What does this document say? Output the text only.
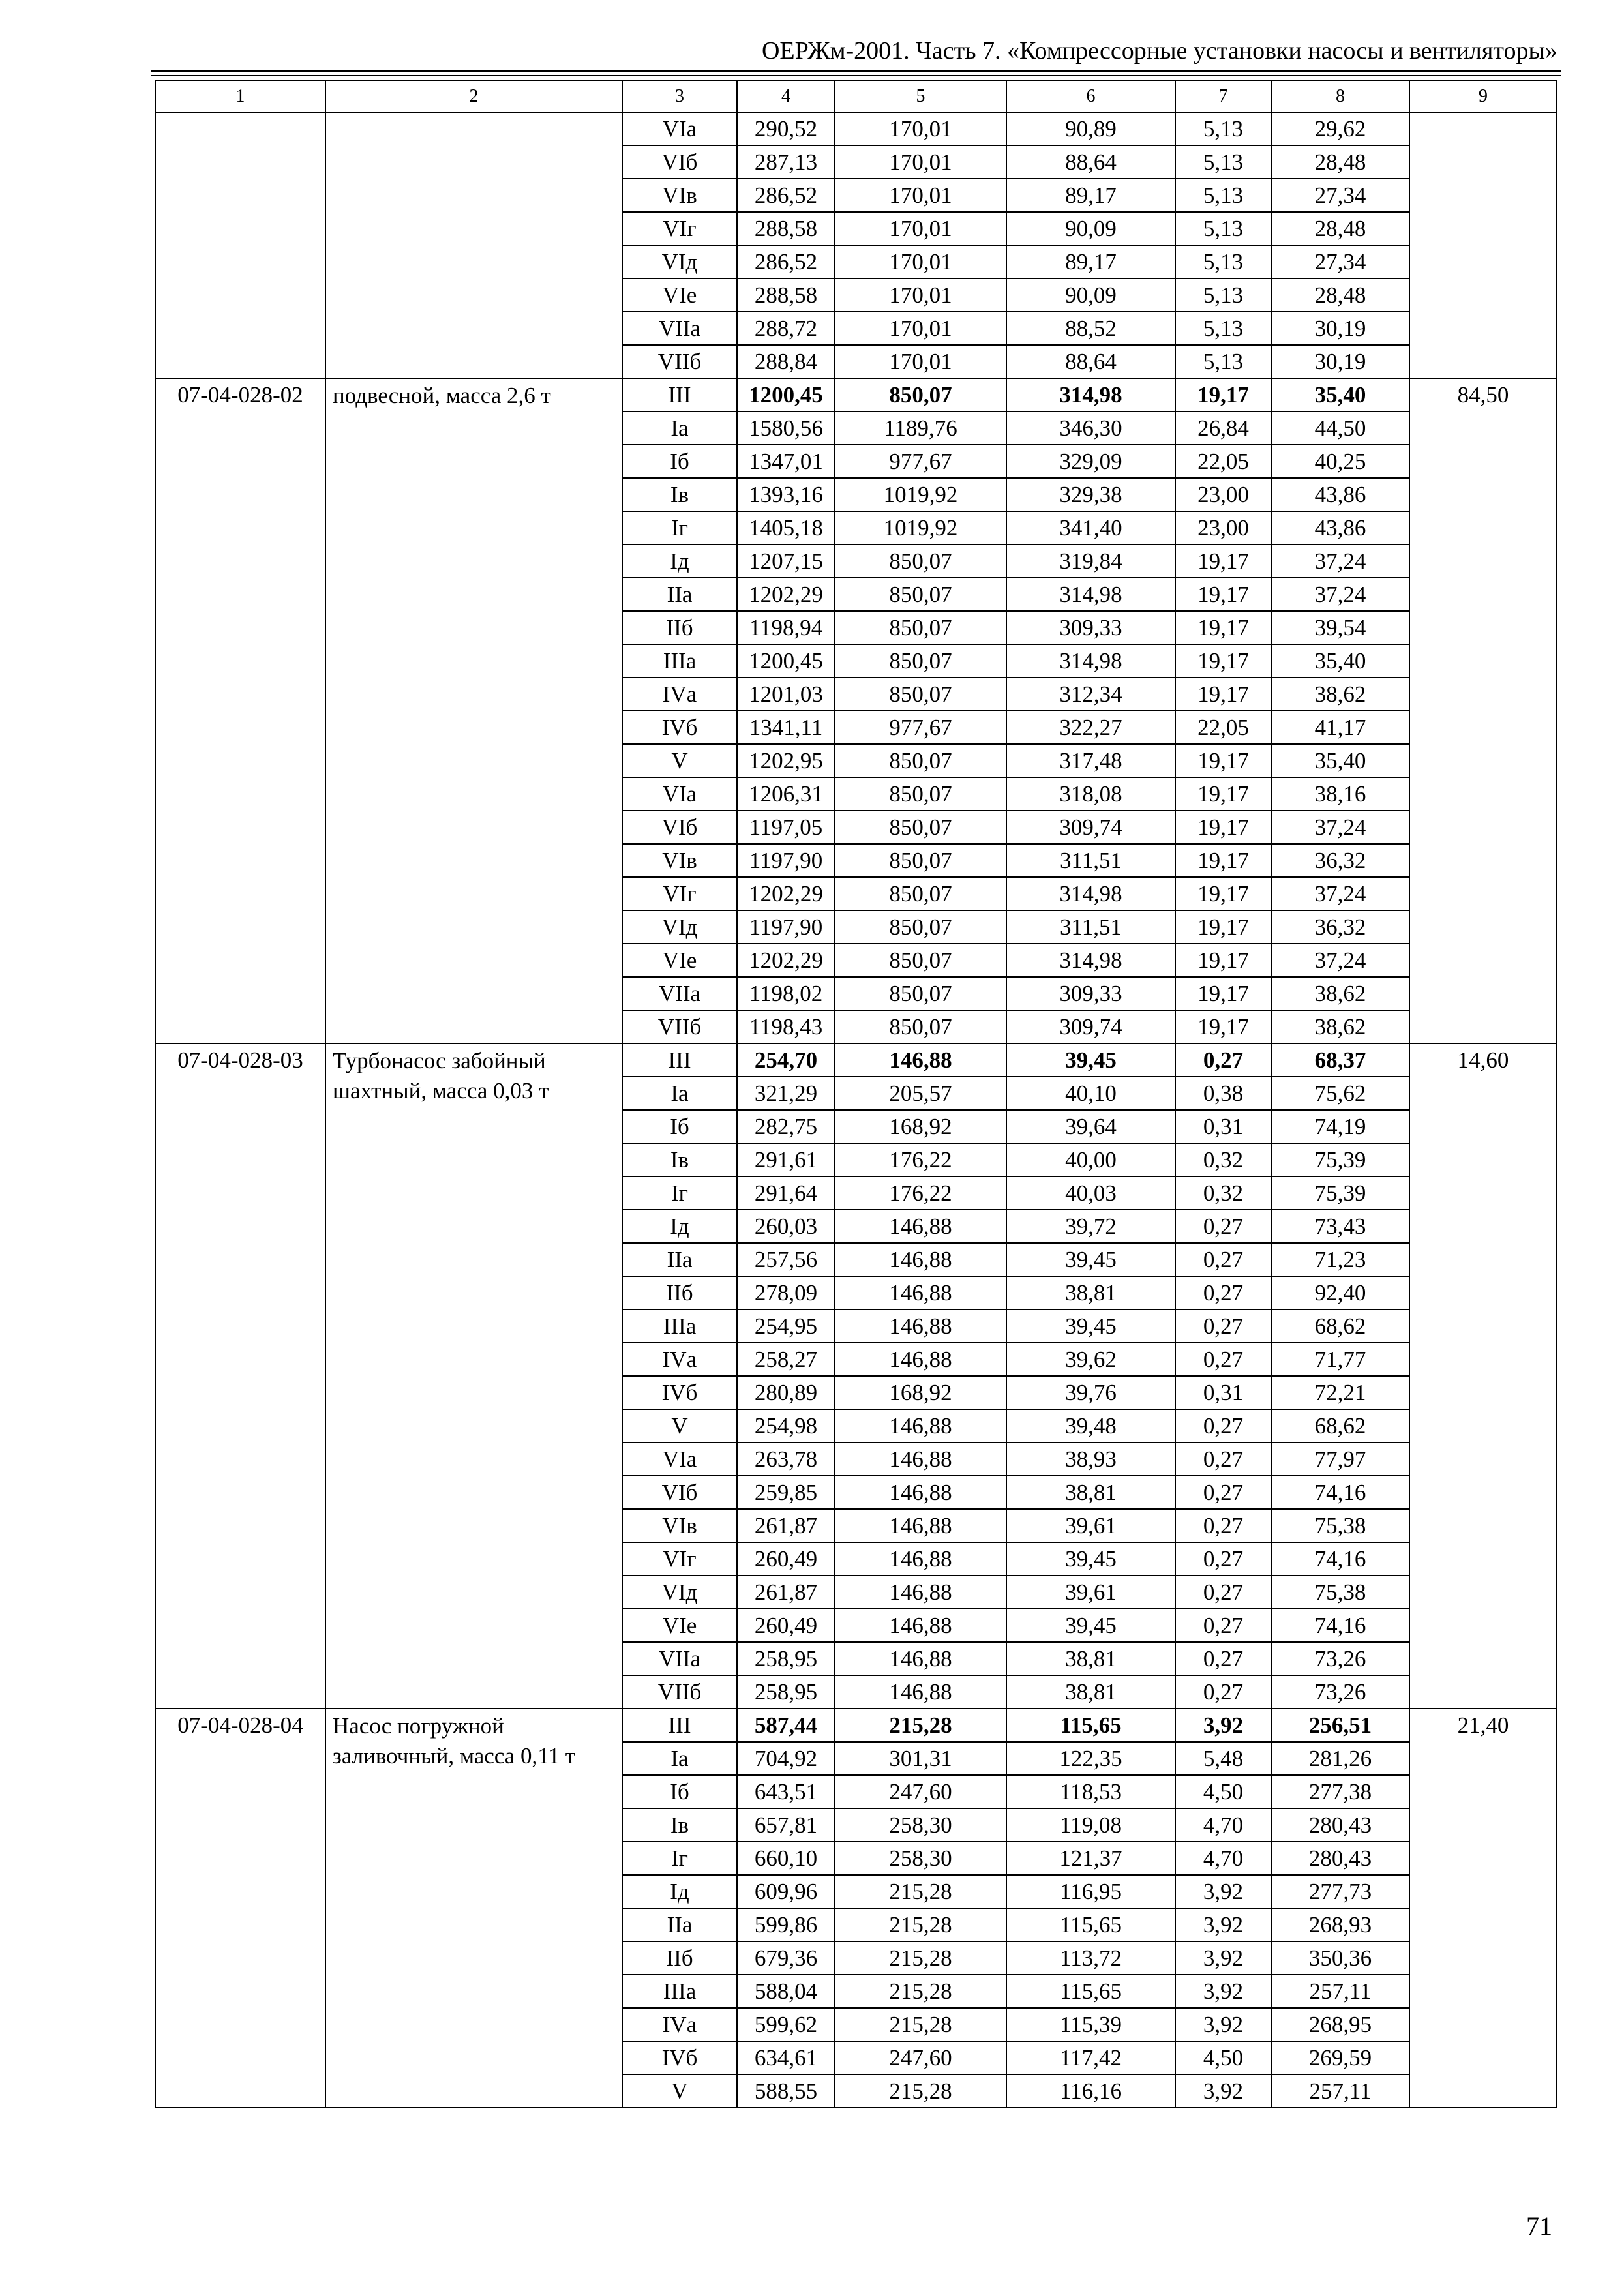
ОЕРЖм-2001. Часть 7. «Компрессорные установки насосы и вентиляторы»
1	2	3	4	5	6	7	8	9
		VIа	290,52	170,01	90,89	5,13	29,62	
		VIб	287,13	170,01	88,64	5,13	28,48	
		VIв	286,52	170,01	89,17	5,13	27,34	
		VIг	288,58	170,01	90,09	5,13	28,48	
		VIд	286,52	170,01	89,17	5,13	27,34	
		VIе	288,58	170,01	90,09	5,13	28,48	
		VIIа	288,72	170,01	88,52	5,13	30,19	
		VIIб	288,84	170,01	88,64	5,13	30,19	
07-04-028-02	подвесной, масса 2,6 т	III	1200,45	850,07	314,98	19,17	35,40	84,50
		Iа	1580,56	1189,76	346,30	26,84	44,50	
		Iб	1347,01	977,67	329,09	22,05	40,25	
		Iв	1393,16	1019,92	329,38	23,00	43,86	
		Iг	1405,18	1019,92	341,40	23,00	43,86	
		Iд	1207,15	850,07	319,84	19,17	37,24	
		IIа	1202,29	850,07	314,98	19,17	37,24	
		IIб	1198,94	850,07	309,33	19,17	39,54	
		IIIа	1200,45	850,07	314,98	19,17	35,40	
		IVа	1201,03	850,07	312,34	19,17	38,62	
		IVб	1341,11	977,67	322,27	22,05	41,17	
		V	1202,95	850,07	317,48	19,17	35,40	
		VIа	1206,31	850,07	318,08	19,17	38,16	
		VIб	1197,05	850,07	309,74	19,17	37,24	
		VIв	1197,90	850,07	311,51	19,17	36,32	
		VIг	1202,29	850,07	314,98	19,17	37,24	
		VIд	1197,90	850,07	311,51	19,17	36,32	
		VIе	1202,29	850,07	314,98	19,17	37,24	
		VIIа	1198,02	850,07	309,33	19,17	38,62	
		VIIб	1198,43	850,07	309,74	19,17	38,62	
07-04-028-03	Турбонасос забойный шахтный, масса 0,03 т	III	254,70	146,88	39,45	0,27	68,37	14,60
		Iа	321,29	205,57	40,10	0,38	75,62	
		Iб	282,75	168,92	39,64	0,31	74,19	
		Iв	291,61	176,22	40,00	0,32	75,39	
		Iг	291,64	176,22	40,03	0,32	75,39	
		Iд	260,03	146,88	39,72	0,27	73,43	
		IIа	257,56	146,88	39,45	0,27	71,23	
		IIб	278,09	146,88	38,81	0,27	92,40	
		IIIа	254,95	146,88	39,45	0,27	68,62	
		IVа	258,27	146,88	39,62	0,27	71,77	
		IVб	280,89	168,92	39,76	0,31	72,21	
		V	254,98	146,88	39,48	0,27	68,62	
		VIа	263,78	146,88	38,93	0,27	77,97	
		VIб	259,85	146,88	38,81	0,27	74,16	
		VIв	261,87	146,88	39,61	0,27	75,38	
		VIг	260,49	146,88	39,45	0,27	74,16	
		VIд	261,87	146,88	39,61	0,27	75,38	
		VIе	260,49	146,88	39,45	0,27	74,16	
		VIIа	258,95	146,88	38,81	0,27	73,26	
		VIIб	258,95	146,88	38,81	0,27	73,26	
07-04-028-04	Насос погружной заливочный, масса 0,11 т	III	587,44	215,28	115,65	3,92	256,51	21,40
		Iа	704,92	301,31	122,35	5,48	281,26	
		Iб	643,51	247,60	118,53	4,50	277,38	
		Iв	657,81	258,30	119,08	4,70	280,43	
		Iг	660,10	258,30	121,37	4,70	280,43	
		Iд	609,96	215,28	116,95	3,92	277,73	
		IIа	599,86	215,28	115,65	3,92	268,93	
		IIб	679,36	215,28	113,72	3,92	350,36	
		IIIа	588,04	215,28	115,65	3,92	257,11	
		IVа	599,62	215,28	115,39	3,92	268,95	
		IVб	634,61	247,60	117,42	4,50	269,59	
		V	588,55	215,28	116,16	3,92	257,11	
71
